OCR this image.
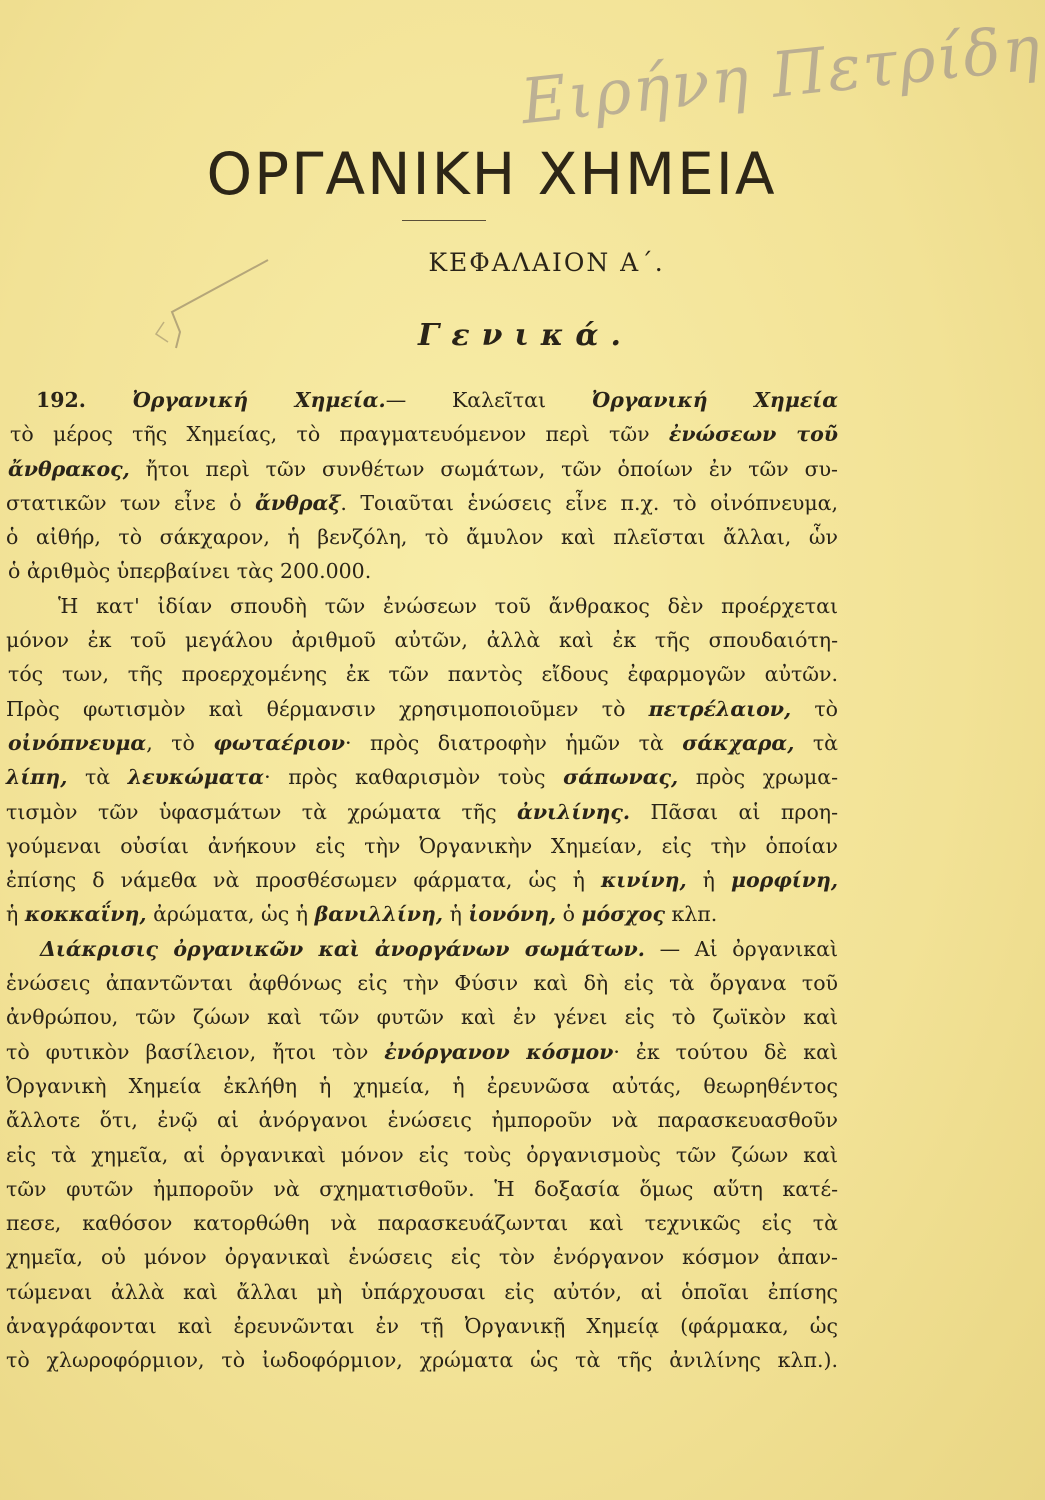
Ειρήνη Πετρίδη
ΟΡΓΑΝΙΚΗ ΧΗΜΕΙΑ
ΚΕΦΑΛΑΙΟΝ Α΄.
Γενικά.
192. Ὀργανική Χημεία.— Καλεῖται Ὀργανική Χημεία
τὸ μέρος τῆς Χημείας, τὸ πραγματευόμενον περὶ τῶν ἐνώσεων τοῦ
ἄνθρακος, ἤτοι περὶ τῶν συνθέτων σωμάτων, τῶν ὁποίων ἐν τῶν συ-
στατικῶν των εἶνε ὁ ἄνθραξ. Τοιαῦται ἑνώσεις εἶνε π.χ. τὸ οἰνόπνευμα,
ὁ αἰθήρ, τὸ σάκχαρον, ἡ βενζόλη, τὸ ἄμυλον καὶ πλεῖσται ἄλλαι, ὧν
ὁ ἀριθμὸς ὑπερβαίνει τὰς 200.000.
Ἡ κατ' ἰδίαν σπουδὴ τῶν ἐνώσεων τοῦ ἄνθρακος δὲν προέρχεται
μόνον ἐκ τοῦ μεγάλου ἀριθμοῦ αὐτῶν, ἀλλὰ καὶ ἐκ τῆς σπουδαιότη-
τός των, τῆς προερχομένης ἐκ τῶν παντὸς εἴδους ἐφαρμογῶν αὐτῶν.
Πρὸς φωτισμὸν καὶ θέρμανσιν χρησιμοποιοῦμεν τὸ πετρέλαιον, τὸ
οἰνόπνευμα, τὸ φωταέριον· πρὸς διατροφὴν ἡμῶν τὰ σάκχαρα, τὰ
λίπη, τὰ λευκώματα· πρὸς καθαρισμὸν τοὺς σάπωνας, πρὸς χρωμα-
τισμὸν τῶν ὑφασμάτων τὰ χρώματα τῆς ἀνιλίνης. Πᾶσαι αἱ προη-
γούμεναι οὐσίαι ἀνήκουν εἰς τὴν Ὀργανικὴν Χημείαν, εἰς τὴν ὁποίαν
ἐπίσης δ νάμεθα νὰ προσθέσωμεν φάρματα, ὡς ἡ κινίνη, ἡ μορφίνη,
ἡ κοκκαΐνη, ἀρώματα, ὡς ἡ βανιλλίνη, ἡ ἰονόνη, ὁ μόσχος κλπ.
Διάκρισις ὀργανικῶν καὶ ἀνοργάνων σωμάτων. — Αἱ ὀργανικαὶ
ἑνώσεις ἀπαντῶνται ἀφθόνως εἰς τὴν Φύσιν καὶ δὴ εἰς τὰ ὄργανα τοῦ
ἀνθρώπου, τῶν ζώων καὶ τῶν φυτῶν καὶ ἐν γένει εἰς τὸ ζωϊκὸν καὶ
τὸ φυτικὸν βασίλειον, ἤτοι τὸν ἐνόργανον κόσμον· ἐκ τούτου δὲ καὶ
Ὀργανικὴ Χημεία ἐκλήθη ἡ χημεία, ἡ ἐρευνῶσα αὐτάς, θεωρηθέντος
ἄλλοτε ὅτι, ἐνῷ αἱ ἀνόργανοι ἑνώσεις ἠμποροῦν νὰ παρασκευασθοῦν
εἰς τὰ χημεῖα, αἱ ὀργανικαὶ μόνον εἰς τοὺς ὀργανισμοὺς τῶν ζώων καὶ
τῶν φυτῶν ἠμποροῦν νὰ σχηματισθοῦν. Ἡ δοξασία ὅμως αὕτη κατέ-
πεσε, καθόσον κατορθώθη νὰ παρασκευάζωνται καὶ τεχνικῶς εἰς τὰ
χημεῖα, οὐ μόνον ὀργανικαὶ ἑνώσεις εἰς τὸν ἐνόργανον κόσμον ἀπαν-
τώμεναι ἀλλὰ καὶ ἄλλαι μὴ ὑπάρχουσαι εἰς αὐτόν, αἱ ὁποῖαι ἐπίσης
ἀναγράφονται καὶ ἐρευνῶνται ἐν τῇ Ὀργανικῇ Χημείᾳ (φάρμακα, ὡς
τὸ χλωροφόρμιον, τὸ ἰωδοφόρμιον, χρώματα ὡς τὰ τῆς ἀνιλίνης κλπ.).
